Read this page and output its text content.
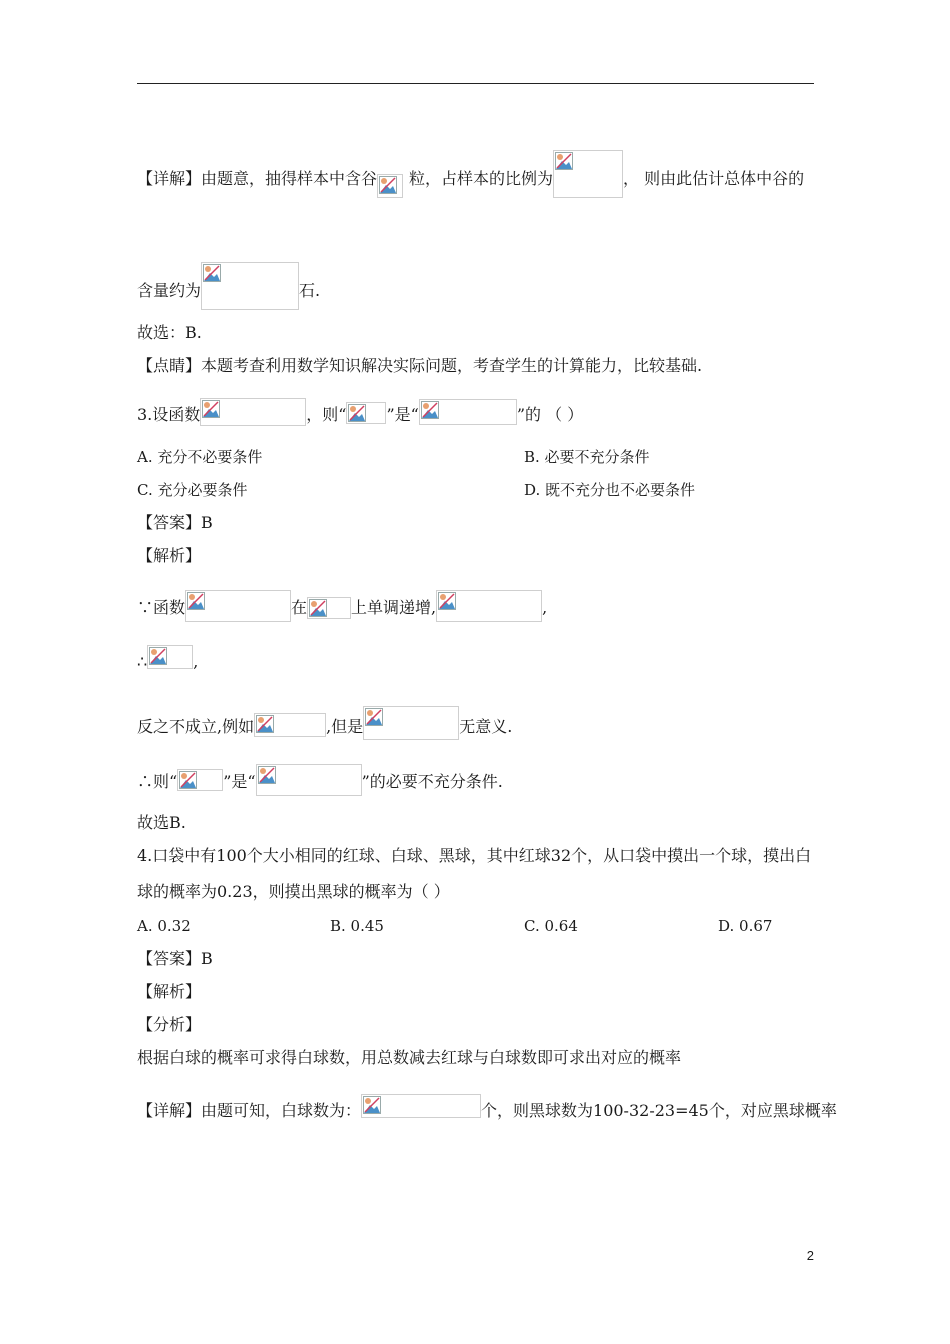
【详解】由题意，抽得样本中含谷 粒，占样本的比例为	， 则由此估计总体中谷的
含量约为	石.
故选：B.
【点睛】本题考查利用数学知识解决实际问题，考查学生的计算能力，比较基础.
3.设函数	，则“	”是“	”的 （ ）
A. 充分不必要条件	B. 必要不充分条件
C. 充分必要条件	D. 既不充分也不必要条件
【答案】B
【解析】
∵函数	在	上单调递增,	,
∴	,
反之不成立,例如	,但是	无意义.
∴则“	”是“	”的必要不充分条件.
故选B.
4.口袋中有100个大小相同的红球、白球、黑球，其中红球32个，从口袋中摸出一个球，摸出白
球的概率为0.23，则摸出黑球的概率为（ ）
A. 0.32	B. 0.45	C. 0.64	D. 0.67
【答案】B
【解析】
【分析】
根据白球的概率可求得白球数，用总数减去红球与白球数即可求出对应的概率
【详解】由题可知，白球数为：	个，则黑球数为100-32-23=45个，对应黑球概率
2
